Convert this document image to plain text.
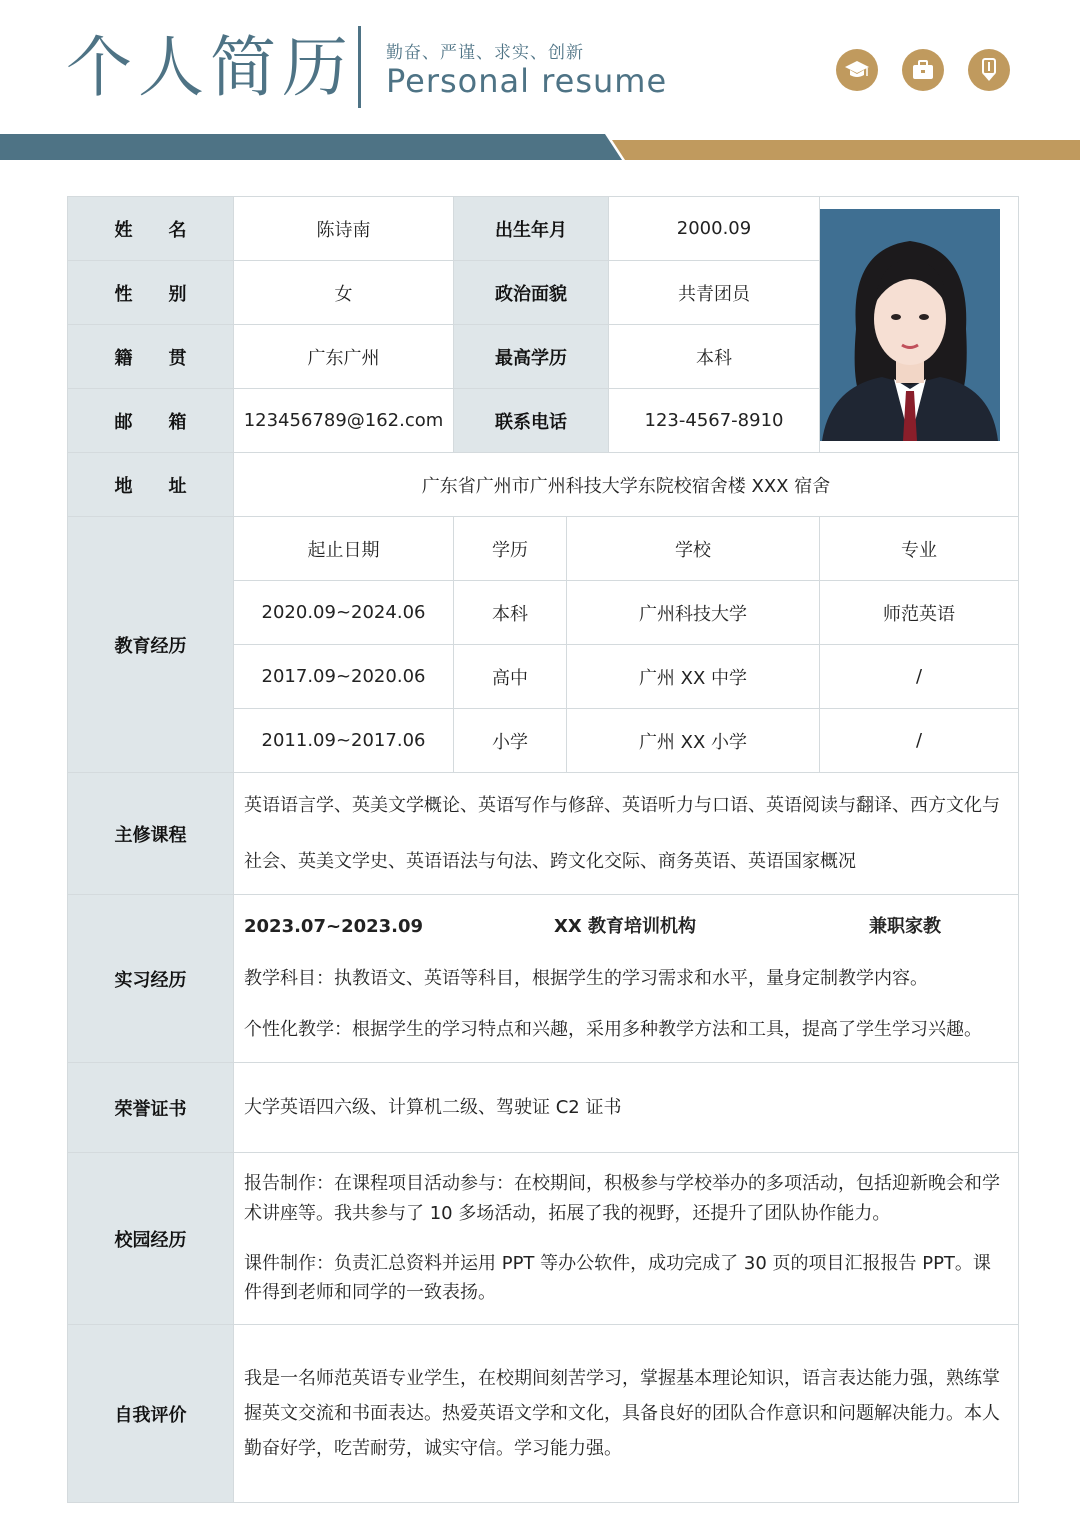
个人简历 勤奋、严谨、求实、创新
Personal resume
姓　　名	陈诗南	出生年月		2000.09	

性　　别	女	政治面貌		共青团员	
籍　　贯	广东广州	最高学历		本科	
邮　　箱	123456789@162.com	联系电话		123-4567-8910	
地　　址	广东省广州市广州科技大学东院校宿舍楼 XXX 宿舍				
教育经历	起止日期	学历	学校		专业
	2020.09~2024.06	本科	广州科技大学		师范英语
	2017.09~2020.06	高中	广州 XX 中学		/
	2011.09~2017.06	小学	广州 XX 小学		/
主修课程	英语语言学、英美文学概论、英语写作与修辞、英语听力与口语、英语阅读与翻译、西方文化与社会、英美文学史、英语语法与句法、跨文化交际、商务英语、英语国家概况				

实习经历	2023.07~2023.09 XX 教育培训机构 兼职家教
教学科目：执教语文、英语等科目，根据学生的学习需求和水平，量身定制教学内容。
个性化教学：根据学生的学习特点和兴趣，采用多种教学方法和工具，提高了学生学习兴趣。				

荣誉证书	大学英语四六级、计算机二级、驾驶证 C2 证书				

校园经历	报告制作：在课程项目活动参与：在校期间，积极参与学校举办的多项活动，包括迎新晚会和学术讲座等。我共参与了 10 多场活动，拓展了我的视野，还提升了团队协作能力。
课件制作：负责汇总资料并运用 PPT 等办公软件，成功完成了 30 页的项目汇报报告 PPT。课件得到老师和同学的一致表扬。				

自我评价	我是一名师范英语专业学生，在校期间刻苦学习，掌握基本理论知识，语言表达能力强，熟练掌握英文交流和书面表达。热爱英语文学和文化，具备良好的团队合作意识和问题解决能力。本人勤奋好学，吃苦耐劳，诚实守信。学习能力强。				
